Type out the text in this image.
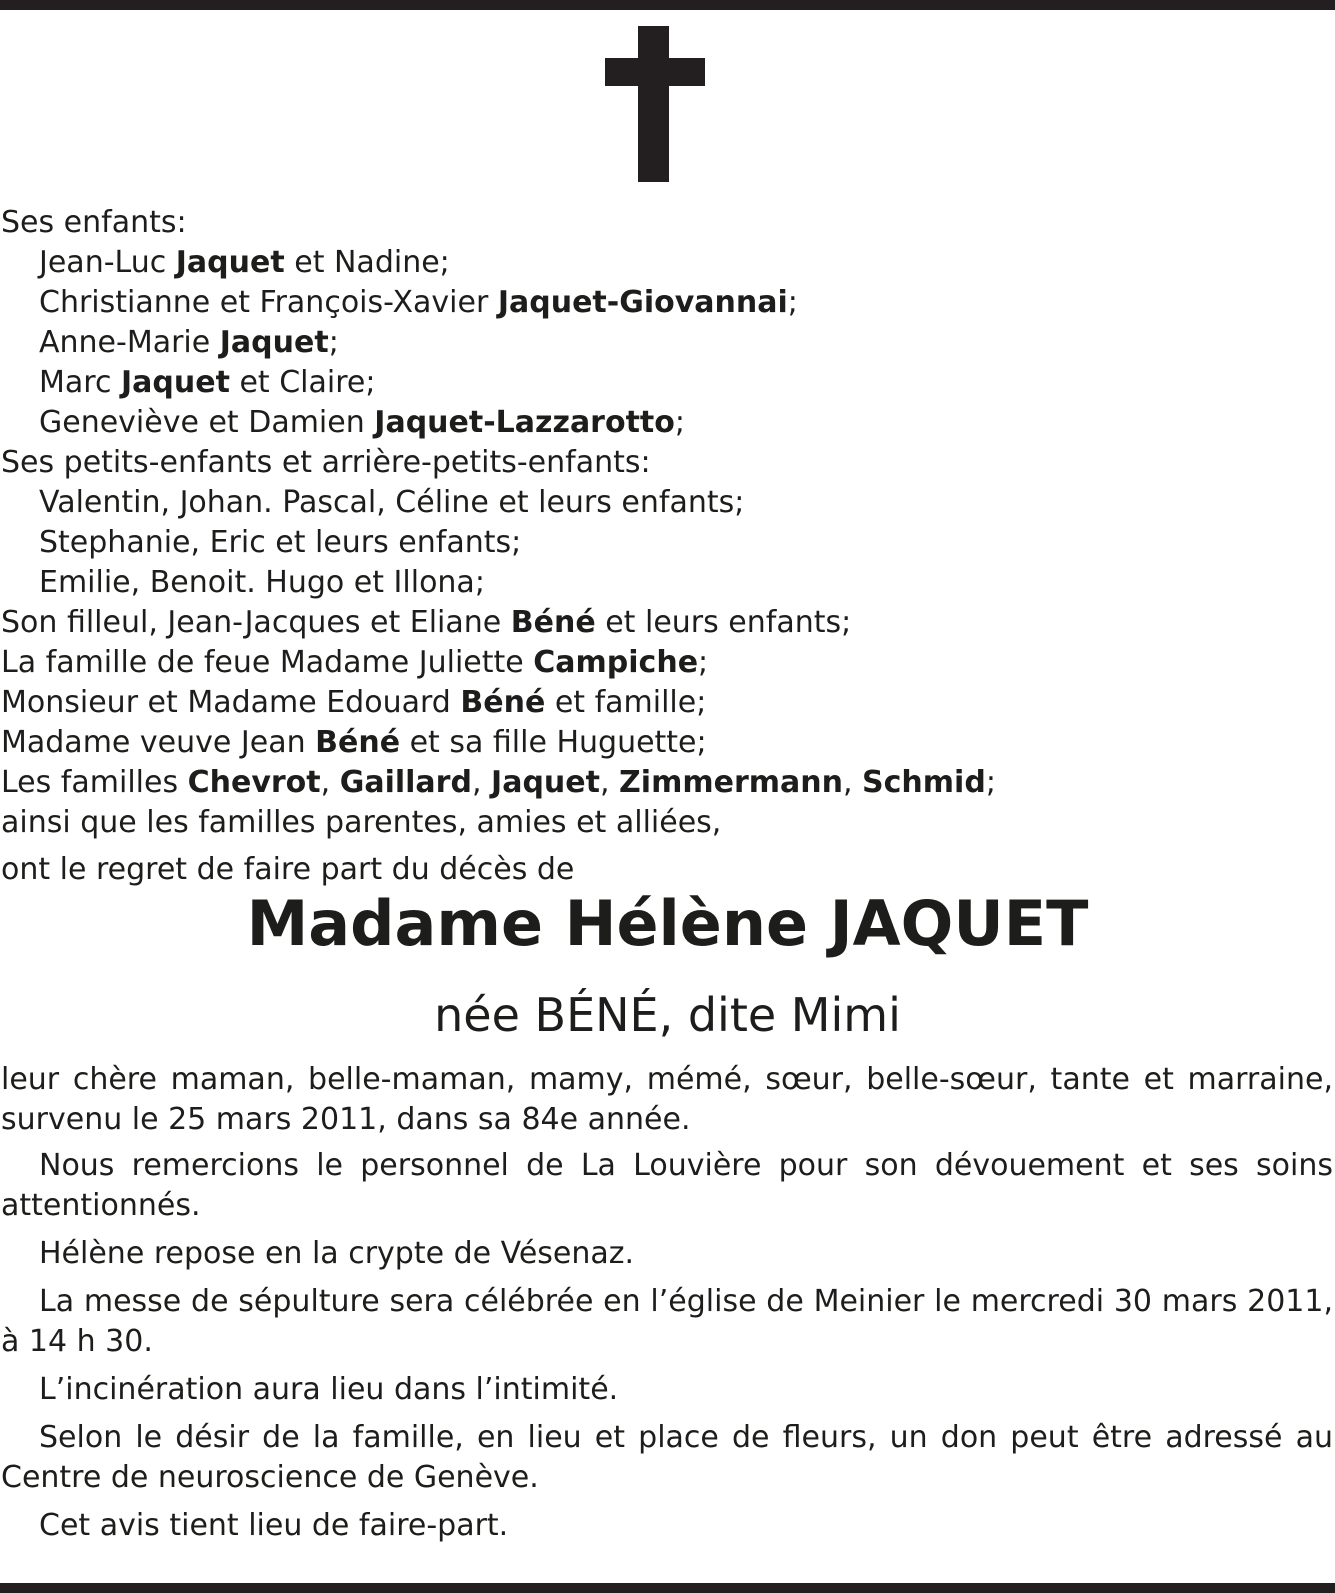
Ses enfants:
Jean-Luc Jaquet et Nadine;
Christianne et François-Xavier Jaquet-Giovannai;
Anne-Marie Jaquet;
Marc Jaquet et Claire;
Geneviève et Damien Jaquet-Lazzarotto;
Ses petits-enfants et arrière-petits-enfants:
Valentin, Johan. Pascal, Céline et leurs enfants;
Stephanie, Eric et leurs enfants;
Emilie, Benoit. Hugo et Illona;
Son filleul, Jean-Jacques et Eliane Béné et leurs enfants;
La famille de feue Madame Juliette Campiche;
Monsieur et Madame Edouard Béné et famille;
Madame veuve Jean Béné et sa fille Huguette;
Les familles Chevrot, Gaillard, Jaquet, Zimmermann, Schmid;
ainsi que les familles parentes, amies et alliées,
ont le regret de faire part du décès de
Madame Hélène JAQUET
née BÉNÉ, dite Mimi

leur chère maman, belle-maman, mamy, mémé, sœur, belle-sœur, tante et marraine, survenu le 25 mars 2011, dans sa 84e année.

Nous remercions le personnel de La Louvière pour son dévouement et ses soins attentionnés.

Hélène repose en la crypte de Vésenaz.

La messe de sépulture sera célébrée en l’église de Meinier le mercredi 30 mars 2011, à 14 h 30.

L’incinération aura lieu dans l’intimité.

Selon le désir de la famille, en lieu et place de fleurs, un don peut être adressé au Centre de neuroscience de Genève.

Cet avis tient lieu de faire-part.
